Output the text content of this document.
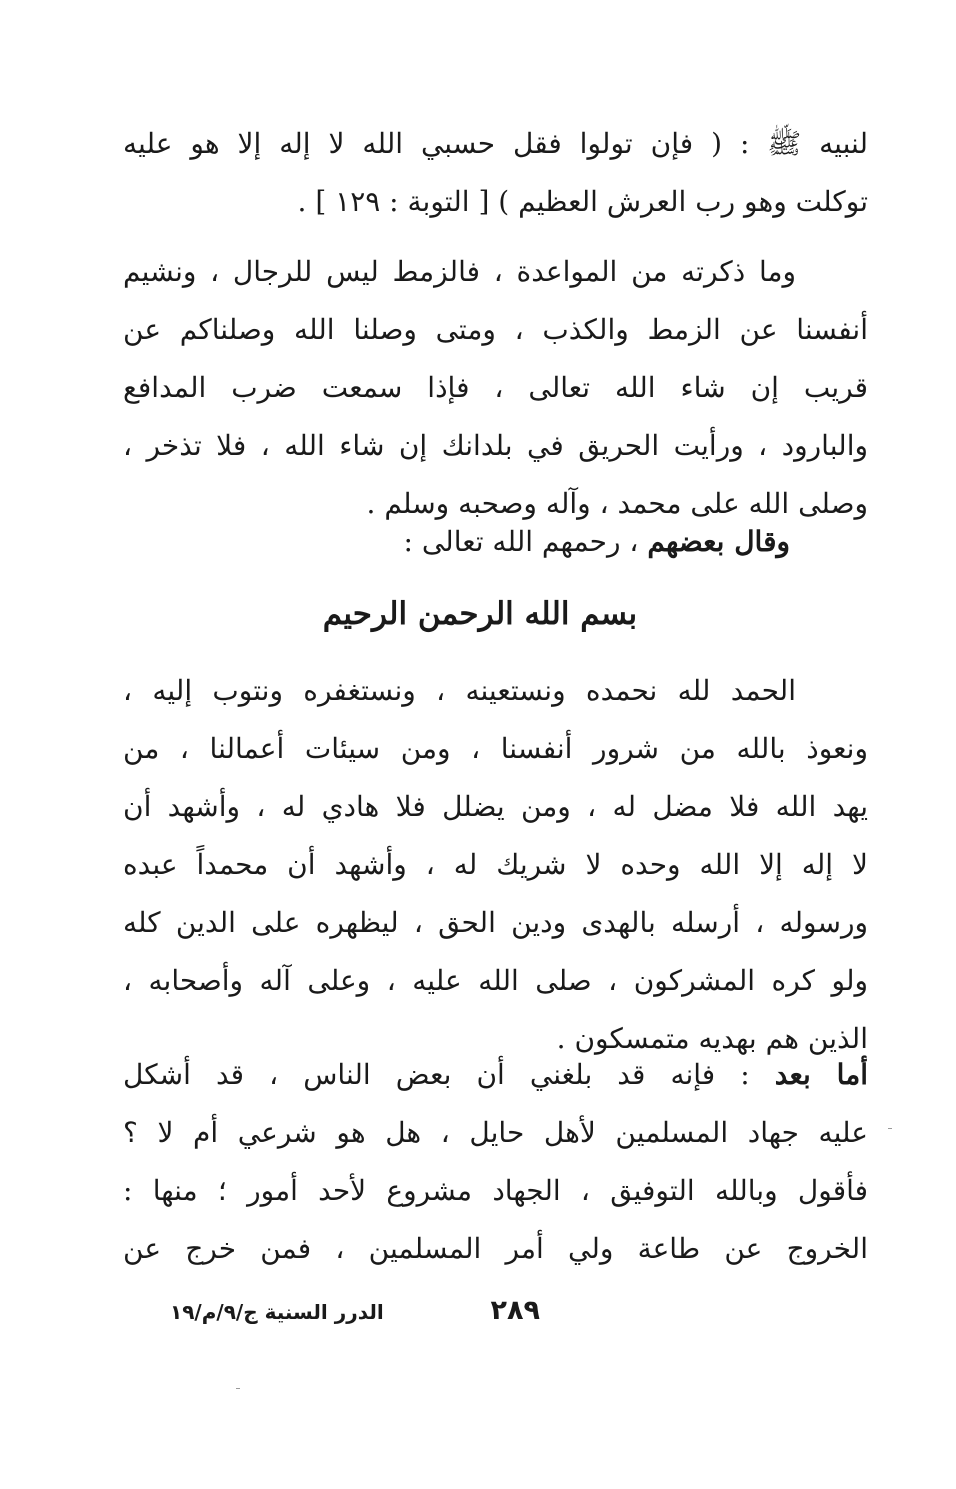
لنبيه ﷺ : ( فإن تولوا فقل حسبي الله لا إله إلا هو عليه
توكلت وهو رب العرش العظيم ) [ التوبة : ١٢٩ ] .
وما ذكرته من المواعدة ، فالزمط ليس للرجال ، ونشيم
أنفسنا عن الزمط والكذب ، ومتى وصلنا الله وصلناكم عن
قريب إن شاء الله تعالى ، فإذا سمعت ضرب المدافع
والبارود ، ورأيت الحريق في بلدانك إن شاء الله ، فلا تذخر ،
وصلى الله على محمد ، وآله وصحبه وسلم .
وقال بعضهم ، رحمهم الله تعالى :
بسم الله الرحمن الرحيم
الحمد لله نحمده ونستعينه ، ونستغفره ونتوب إليه ،
ونعوذ بالله من شرور أنفسنا ، ومن سيئات أعمالنا ، من
يهد الله فلا مضل له ، ومن يضلل فلا هادي له ، وأشهد أن
لا إله إلا الله وحده لا شريك له ، وأشهد أن محمداً عبده
ورسوله ، أرسله بالهدى ودين الحق ، ليظهره على الدين كله
ولو كره المشركون ، صلى الله عليه ، وعلى آله وأصحابه ،
الذين هم بهديه متمسكون .
أما بعد : فإنه قد بلغني أن بعض الناس ، قد أشكل
عليه جهاد المسلمين لأهل حايل ، هل هو شرعي أم لا ؟
فأقول وبالله التوفيق ، الجهاد مشروع لأحد أمور ؛ منها :
الخروج عن طاعة ولي أمر المسلمين ، فمن خرج عن
٢٨٩
الدرر السنية ج/٩/م/١٩
